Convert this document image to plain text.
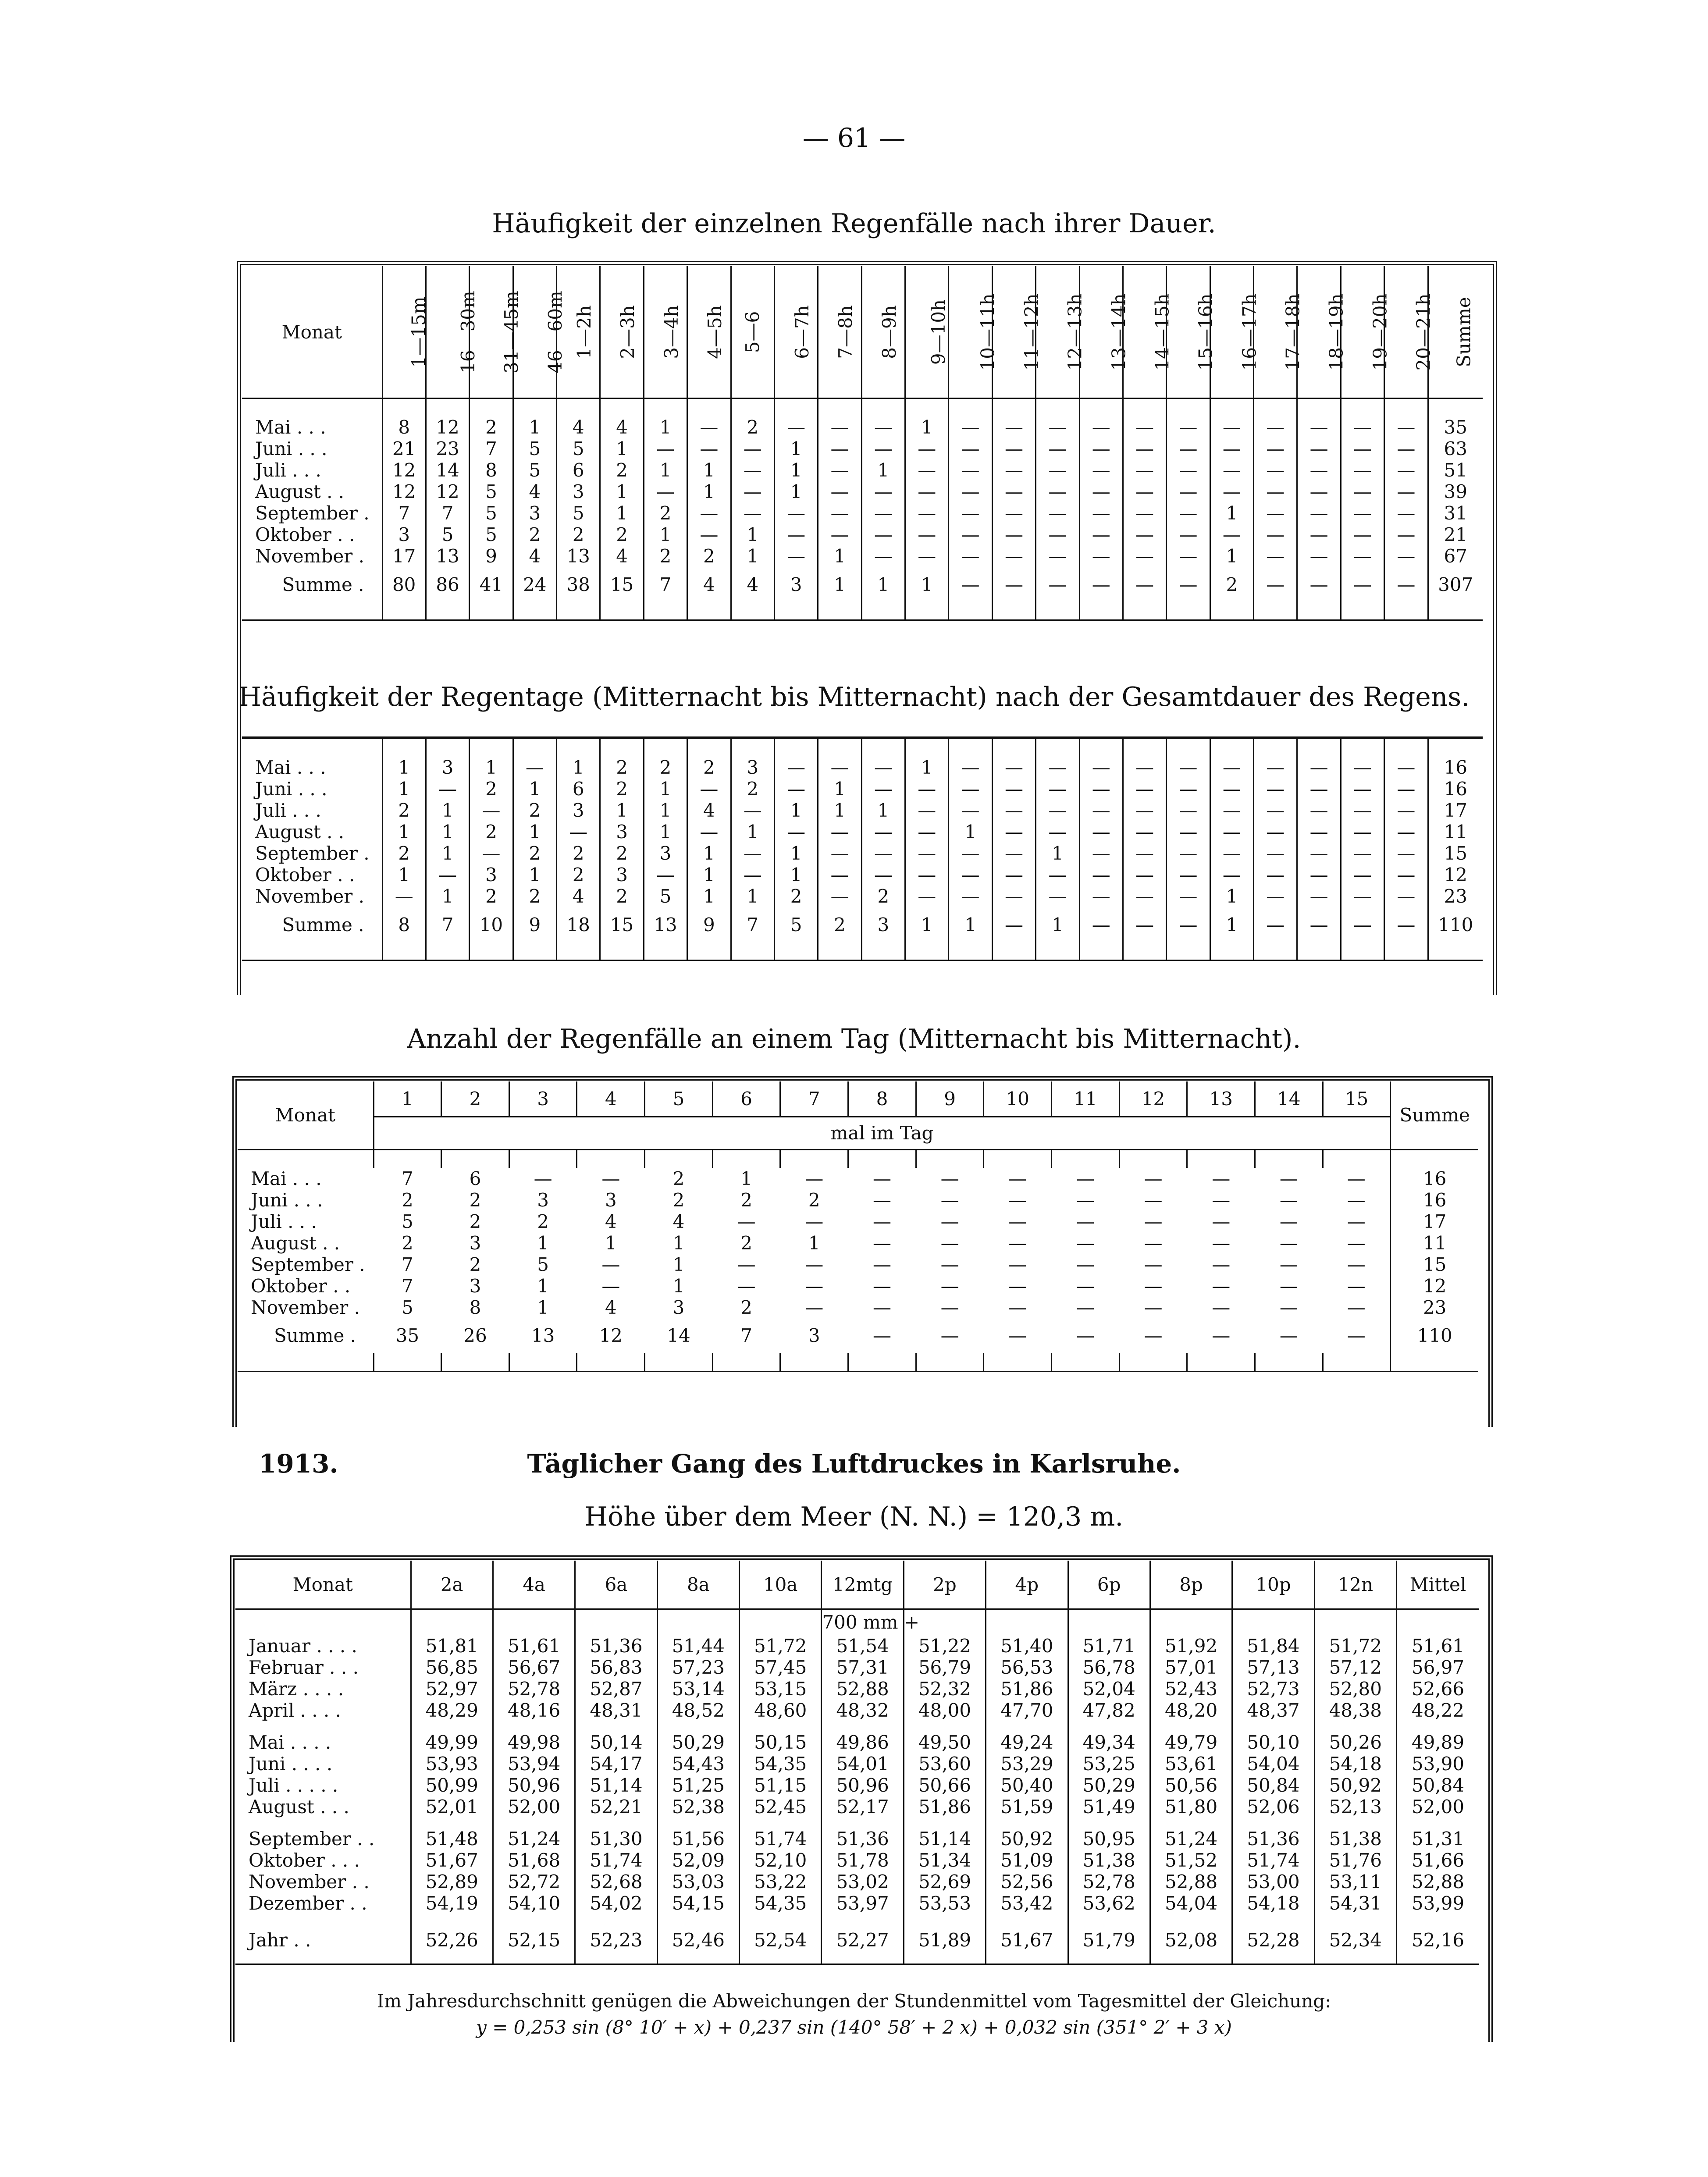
— 61 —
Häufigkeit der einzelnen Regenfälle nach ihrer Dauer.
Monat	1—15m	16—30m	31—45m	46—60m	1—2h	2—3h	3—4h	4—5h	5—6	6—7h	7—8h	8—9h	9—10h	10—11h	11—12h	12—13h	13—14h	14—15h	15—16h	16—17h	17—18h	18—19h	19—20h	20—21h	Summe

Mai . . .	8	12	2	1	4	4	1	—	2	—	—	—	1	—	—	—	—	—	—	—	—	—	—	—	35
Juni . . .	21	23	7	5	5	1	—	—	—	1	—	—	—	—	—	—	—	—	—	—	—	—	—	—	63
Juli . . .	12	14	8	5	6	2	1	1	—	1	—	1	—	—	—	—	—	—	—	—	—	—	—	—	51
August . .	12	12	5	4	3	1	—	1	—	1	—	—	—	—	—	—	—	—	—	—	—	—	—	—	39
September .	7	7	5	3	5	1	2	—	—	—	—	—	—	—	—	—	—	—	—	1	—	—	—	—	31
Oktober . .	3	5	5	2	2	2	1	—	1	—	—	—	—	—	—	—	—	—	—	—	—	—	—	—	21
November .	17	13	9	4	13	4	2	2	1	—	1	—	—	—	—	—	—	—	—	1	—	—	—	—	67
Summe .	80	86	41	24	38	15	7	4	4	3	1	1	1	—	—	—	—	—	—	2	—	—	—	—	307

Häufigkeit der Regentage (Mitternacht bis Mitternacht) nach der Gesamtdauer des Regens.

Mai . . .	1	3	1	—	1	2	2	2	3	—	—	—	1	—	—	—	—	—	—	—	—	—	—	—	16
Juni . . .	1	—	2	1	6	2	1	—	2	—	1	—	—	—	—	—	—	—	—	—	—	—	—	—	16
Juli . . .	2	1	—	2	3	1	1	4	—	1	1	1	—	—	—	—	—	—	—	—	—	—	—	—	17
August . .	1	1	2	1	—	3	1	—	1	—	—	—	—	1	—	—	—	—	—	—	—	—	—	—	11
September .	2	1	—	2	2	2	3	1	—	1	—	—	—	—	—	1	—	—	—	—	—	—	—	—	15
Oktober . .	1	—	3	1	2	3	—	1	—	1	—	—	—	—	—	—	—	—	—	—	—	—	—	—	12
November .	—	1	2	2	4	2	5	1	1	2	—	2	—	—	—	—	—	—	—	1	—	—	—	—	23
Summe .	8	7	10	9	18	15	13	9	7	5	2	3	1	1	—	1	—	—	—	1	—	—	—	—	110

Anzahl der Regenfälle an einem Tag (Mitternacht bis Mitternacht).
Monat	1	2	3	4	5	6	7	8	9	10	11	12	13	14	15	Summe
	mal im Tag															

Mai . . .	7	6	—	—	2	1	—	—	—	—	—	—	—	—	—	16
Juni . . .	2	2	3	3	2	2	2	—	—	—	—	—	—	—	—	16
Juli . . .	5	2	2	4	4	—	—	—	—	—	—	—	—	—	—	17
August . .	2	3	1	1	1	2	1	—	—	—	—	—	—	—	—	11
September .	7	2	5	—	1	—	—	—	—	—	—	—	—	—	—	15
Oktober . .	7	3	1	—	1	—	—	—	—	—	—	—	—	—	—	12
November .	5	8	1	4	3	2	—	—	—	—	—	—	—	—	—	23
Summe .	35	26	13	12	14	7	3	—	—	—	—	—	—	—	—	110

1913.	Täglicher Gang des Luftdruckes in Karlsruhe.
Höhe über dem Meer (N. N.) = 120,3 m.
Monat	2a	4a	6a	8a	10a	12mtg	2p	4p	6p	8p	10p	12n	Mittel
						700 mm +							
Januar . . . .	51,81	51,61	51,36	51,44	51,72	51,54	51,22	51,40	51,71	51,92	51,84	51,72	51,61
Februar . . .	56,85	56,67	56,83	57,23	57,45	57,31	56,79	56,53	56,78	57,01	57,13	57,12	56,97
März . . . .	52,97	52,78	52,87	53,14	53,15	52,88	52,32	51,86	52,04	52,43	52,73	52,80	52,66
April . . . .	48,29	48,16	48,31	48,52	48,60	48,32	48,00	47,70	47,82	48,20	48,37	48,38	48,22

Mai . . . .	49,99	49,98	50,14	50,29	50,15	49,86	49,50	49,24	49,34	49,79	50,10	50,26	49,89
Juni . . . .	53,93	53,94	54,17	54,43	54,35	54,01	53,60	53,29	53,25	53,61	54,04	54,18	53,90
Juli . . . . .	50,99	50,96	51,14	51,25	51,15	50,96	50,66	50,40	50,29	50,56	50,84	50,92	50,84
August . . .	52,01	52,00	52,21	52,38	52,45	52,17	51,86	51,59	51,49	51,80	52,06	52,13	52,00

September . .	51,48	51,24	51,30	51,56	51,74	51,36	51,14	50,92	50,95	51,24	51,36	51,38	51,31
Oktober . . .	51,67	51,68	51,74	52,09	52,10	51,78	51,34	51,09	51,38	51,52	51,74	51,76	51,66
November . .	52,89	52,72	52,68	53,03	53,22	53,02	52,69	52,56	52,78	52,88	53,00	53,11	52,88
Dezember . .	54,19	54,10	54,02	54,15	54,35	53,97	53,53	53,42	53,62	54,04	54,18	54,31	53,99

Jahr . .	52,26	52,15	52,23	52,46	52,54	52,27	51,89	51,67	51,79	52,08	52,28	52,34	52,16

Im Jahresdurchschnitt genügen die Abweichungen der Stundenmittel vom Tagesmittel der Gleichung:
y = 0,253 sin (8° 10′ + x) + 0,237 sin (140° 58′ + 2 x) + 0,032 sin (351° 2′ + 3 x)
